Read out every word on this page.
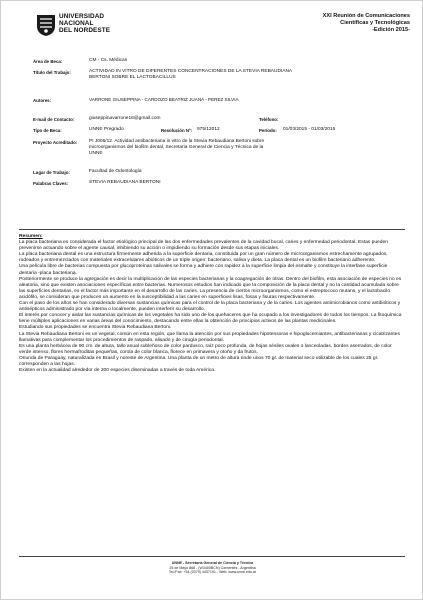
UNIVERSIDAD
NACIONAL
DEL NORDESTE
XXI Reunión de Comunicaciones
Científicas y Tecnológicas
-Edición 2015-
Área de Beca:	CM - Cs. Médicas
Título del Trabajo:	ACTIVIDAD IN VITRO DE DIFERENTES CONCENTRACIONES DE LA STEVIA REBAUDIANA
BERTONI SOBRE EL LACTOBACILLUS
Autores:	VARRONE GIUSEPPINA - CARDOZO BEATRIZ JUANA - PEREZ SILVIA
E-mail de Contacto:	giuseppinavarrone16@gmail.com	Teléfono:
Tipo de Beca:	UNNE Pregrado	Resolución Nº: 975/12012	Período: 01/03/2015 - 01/03/2015
Proyecto Acreditado: PI J006/12. Actividad antibacteriana in vitro de la Stevia Rebaudiana Bertoni sobre
microorganismos del biofilm dental, Secretaria General de Ciencia y Técnica de la
UNNE
Lugar de Trabajo:	Facultad de Odontología
Palabras Claves:	STEVIA REBAUDIANA BERTONI

Resumen:

La placa bacteriana es considerada el factor etiológico principal de las dos enfermedades prevalentes de la cavidad bucal, caries y enfermedad periodontal. Estas pueden prevenirse actuando sobre el agente causal, inhibiendo su acción o impidiendo su formación desde sus etapas iniciales.

La placa bacteriana dental es una estructura firmemente adherida a la superficie dentaria, constituida por un gran número de microorganismos estrechamente agrupados, rodeados y entremezclados con materiales extracelulares abióticos de un triple origen: bacteriano, saliva y dieta. La placa dental es un biofilm bacteriano adherente.

Una película libre de bacterias compuesta por glucoproteínas salivales se forma y adhiere con rapidez a la superficie limpia del esmalte y constituye la interfase superficie dentaria -placa bacteriana.

Posteriormente se produce la agregación es decir la multiplicación de las especies bacterianas y la coagregación de otras. Dentro del biofilm, esta asociación de especies no es aleatoria, sino que existen asociaciones específicas entre bacterias. Numerosos estudios han indicado que la composición de la placa dental y no la cantidad acumulada sobre las superficies dentarias, es el factor más importante en el desarrollo de las caries. La presencia de ciertos microorganismos, como el estreptococo mutans, y el lactobacilo acidófilo, se consideran que producen un aumento en la susceptibilidad a las caries en superficies lisas, fosas y fisuras respectivamente.

Con el paso de los años se han considerado diversas sustancias químicas para el control de la placa bacteriana y de la caries. Los agentes antimicrobianos como antibióticos y antisépticos administrado por vía interna o localmente, pueden interferir su desarrollo.

El interés por conocer y aislar las sustancias químicas de los vegetales ha sido uno de los quehaceres que ha ocupado a los investigadores de todos los tiempos. La fitoquímica tiene múltiples aplicaciones en varias áreas del conocimiento, destacando entre ellas la obtención de principios activos de las plantas medicinales.

Estudiando sus propiedades se encuentra Stevia Rebaudiana Bertoni.

La Stevia Rebaudiana Bertoni es un vegetal, común en esta región, que llama la atención por sus propiedades hipotensoras e hipoglucemiantes, antibacterianas y cicatrizantes llamativas para complementar los procedimientos de raspado, alisado y de cirugía periodontal.

Es una planta herbácea de 90 cm. de altura, tallo anual subleñoso de color pardusco, raíz poco profunda, de hojas sésiles ovales o lanceoladas, bordes aserrados, de color verde intenso, flores hermafroditas pequeñas, corola de color blanca, florece en primavera y otoño y da frutos.

Oriunda de Paraguay, naturalizada en Brasil y noreste de Argentina. Una planta de un metro de altura rinde unos 70 gr. de material seco utilizable de los cuales 25 gr. corresponden a las hojas.

Existen en la actualidad alrededor de 200 especies diseminadas a través de toda América.

UNNE - Secretaría General de Ciencia y Técnica
25 de Mayo 868 - (W3400BCN) Corrientes - Argentina
Tel./Fax: +54 (0379) 4457191 - Web: www.unne.edu.ar
